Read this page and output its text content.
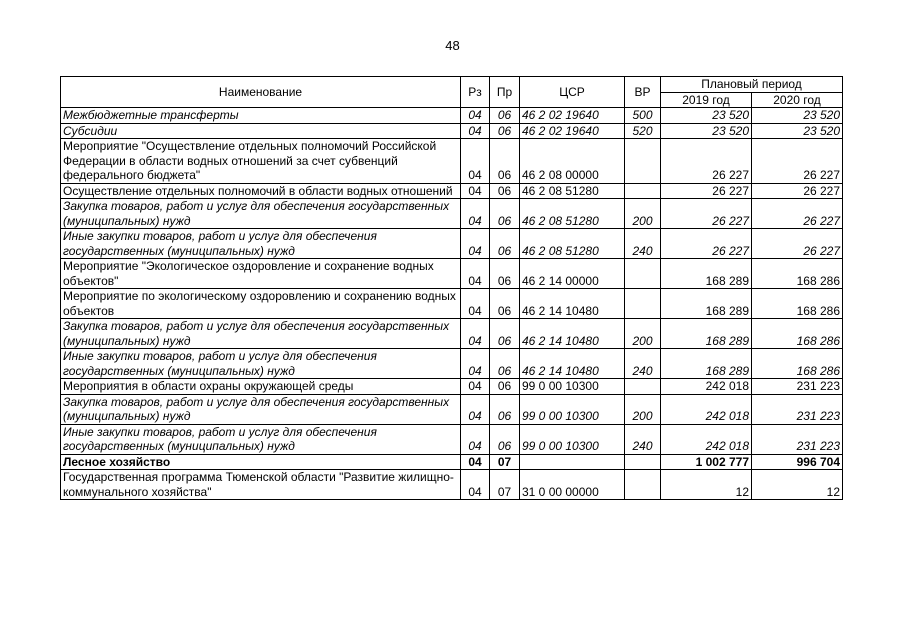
48
Наименование	Рз	Пр	ЦСР	ВР	Плановый период	
					2019 год	2020 год
Межбюджетные трансферты	04	06	46 2 02 19640	500	23 520	23 520
Субсидии	04	06	46 2 02 19640	520	23 520	23 520
Мероприятие "Осуществление отдельных полномочий Российской Федерации в области водных отношений за счет субвенций федерального бюджета"	04	06	46 2 08 00000		26 227	26 227
Осуществление отдельных полномочий в области водных отношений	04	06	46 2 08 51280		26 227	26 227
Закупка товаров, работ и услуг для обеспечения государственных (муниципальных) нужд	04	06	46 2 08 51280	200	26 227	26 227
Иные закупки товаров, работ и услуг для обеспечения государственных (муниципальных) нужд	04	06	46 2 08 51280	240	26 227	26 227
Мероприятие "Экологическое оздоровление и сохранение водных объектов"	04	06	46 2 14 00000		168 289	168 286
Мероприятие по экологическому оздоровлению и сохранению водных объектов	04	06	46 2 14 10480		168 289	168 286
Закупка товаров, работ и услуг для обеспечения государственных (муниципальных) нужд	04	06	46 2 14 10480	200	168 289	168 286
Иные закупки товаров, работ и услуг для обеспечения государственных (муниципальных) нужд	04	06	46 2 14 10480	240	168 289	168 286
Мероприятия в области охраны окружающей среды	04	06	99 0 00 10300		242 018	231 223
Закупка товаров, работ и услуг для обеспечения государственных (муниципальных) нужд	04	06	99 0 00 10300	200	242 018	231 223
Иные закупки товаров, работ и услуг для обеспечения государственных (муниципальных) нужд	04	06	99 0 00 10300	240	242 018	231 223
Лесное хозяйство	04	07			1 002 777	996 704
Государственная программа Тюменской области "Развитие жилищно-коммунального хозяйства"	04	07	31 0 00 00000		12	12
